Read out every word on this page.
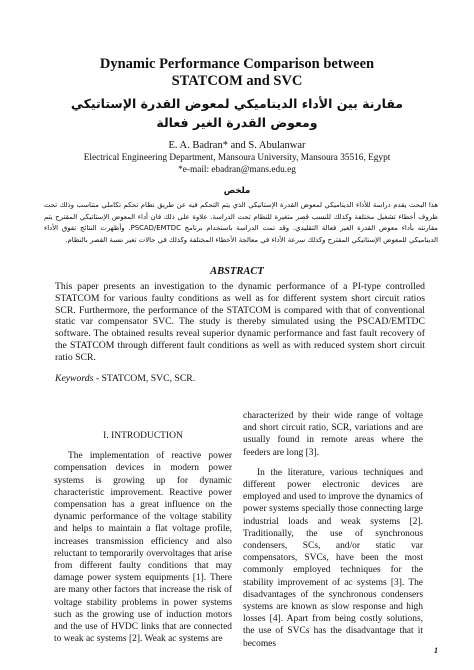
Dynamic Performance Comparison between
STATCOM and SVC
مقارنة بين الأداء الديناميكي لمعوض القدرة الإستاتيكي
ومعوض القدرة الغير فعالة
E. A. Badran* and S. Abulanwar
Electrical Engineering Department, Mansoura University, Mansoura 35516, Egypt
*e-mail: ebadran@mans.edu.eg
ملخص
هذا البحث يقدم دراسة للأداء الديناميكي لمعوض القدرة الإستاتيكي الذي يتم التحكم فيه عن طريق نظام تحكم تكاملي متناسب وذلك تحت ظروف أخطاء تشغيل مختلفة وكذلك للنسب قصر متغيرة للنظام تحت الدراسة. علاوة على ذلك فان أداء المعوض الإستاتيكي المقترح يتم مقارنته بأداء معوض القدرة الغير فعالة التقليدي. وقد تمت الدراسة باستخدام برنامج PSCAD/EMTDC. وأظهرت النتائج تفوق الأداء الديناميكي للمعوض الإستاتيكي المقترح وكذلك سرعة الأداء في معالجة الأخطاء المختلفة وكذلك في حالات تغير نسبة القصر بالنظام.
ABSTRACT
This paper presents an investigation to the dynamic performance of a PI-type controlled STATCOM for various faulty conditions as well as for different system short circuit ratios SCR. Furthermore, the performance of the STATCOM is compared with that of conventional static var compensator SVC. The study is thereby simulated using the PSCAD/EMTDC software. The obtained results reveal superior dynamic performance and fast fault recovery of the STATCOM through different fault conditions as well as with reduced system short circuit ratio SCR.
Keywords - STATCOM, SVC, SCR.

I. INTRODUCTION

The implementation of reactive power compensation devices in modern power systems is growing up for dynamic characteristic improvement. Reactive power compensation has a great influence on the dynamic performance of the voltage stability and helps to maintain a flat voltage profile, increases transmission efficiency and also reluctant to temporarily overvoltages that arise from different faulty conditions that may damage power system equipments [1]. There are many other factors that increase the risk of voltage stability problems in power systems such as the growing use of induction motors and the use of HVDC links that are connected to weak ac systems [2]. Weak ac systems are

characterized by their wide range of voltage and short circuit ratio, SCR, variations and are usually found in remote areas where the feeders are long [3].

In the literature, various techniques and different power electronic devices are employed and used to improve the dynamics of power systems specially those connecting large industrial loads and weak systems [2]. Traditionally, the use of synchronous condensers, SCs, and/or static var compensators, SVCs, have been the most commonly employed techniques for the stability improvement of ac systems [3]. The disadvantages of the synchronous condensers systems are known as slow response and high losses [4]. Apart from being costly solutions, the use of SVCs has the disadvantage that it becomes

1
